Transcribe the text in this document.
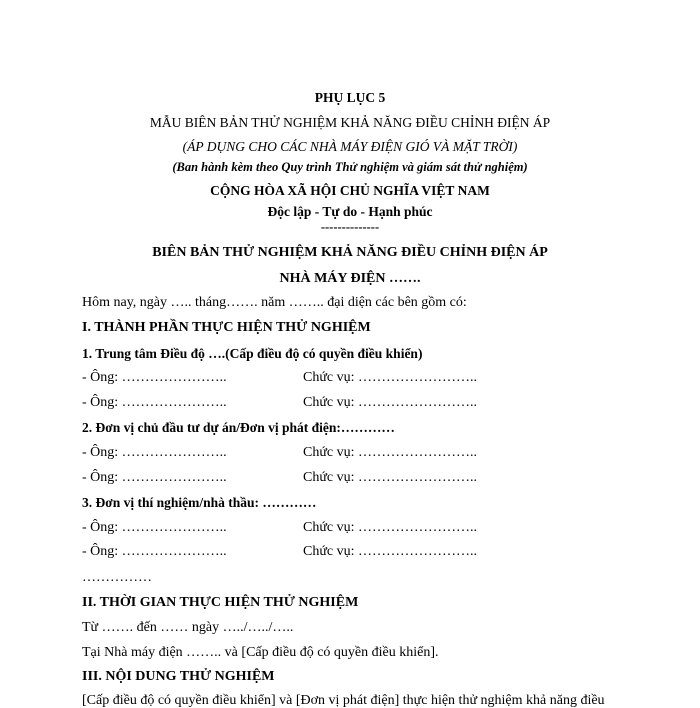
PHỤ LỤC 5
MẪU BIÊN BẢN THỬ NGHIỆM KHẢ NĂNG ĐIỀU CHỈNH ĐIỆN ÁP
(ÁP DỤNG CHO CÁC NHÀ MÁY ĐIỆN GIÓ VÀ MẶT TRỜI)
(Ban hành kèm theo Quy trình Thử nghiệm và giám sát thử nghiệm)
CỘNG HÒA XÃ HỘI CHỦ NGHĨA VIỆT NAM
Độc lập - Tự do - Hạnh phúc
--------------
BIÊN BẢN THỬ NGHIỆM KHẢ NĂNG ĐIỀU CHỈNH ĐIỆN ÁP
NHÀ MÁY ĐIỆN …….
Hôm nay, ngày ….. tháng……. năm …….. đại diện các bên gồm có:
I. THÀNH PHẦN THỰC HIỆN THỬ NGHIỆM
1. Trung tâm Điều độ ….(Cấp điều độ có quyền điều khiển)
- Ông: …………………..	Chức vụ: ……………………..
- Ông: …………………..	Chức vụ: ……………………..
2. Đơn vị chủ đầu tư dự án/Đơn vị phát điện:…………
- Ông: …………………..	Chức vụ: ……………………..
- Ông: …………………..	Chức vụ: ……………………..
3. Đơn vị thí nghiệm/nhà thầu: …………
- Ông: …………………..	Chức vụ: ……………………..
- Ông: …………………..	Chức vụ: ……………………..
……………
II. THỜI GIAN THỰC HIỆN THỬ NGHIỆM
Từ ……. đến …… ngày …../…../…..
Tại Nhà máy điện …….. và [Cấp điều độ có quyền điều khiển].
III. NỘI DUNG THỬ NGHIỆM
[Cấp điều độ có quyền điều khiển] và [Đơn vị phát điện] thực hiện thử nghiệm khả năng điều
